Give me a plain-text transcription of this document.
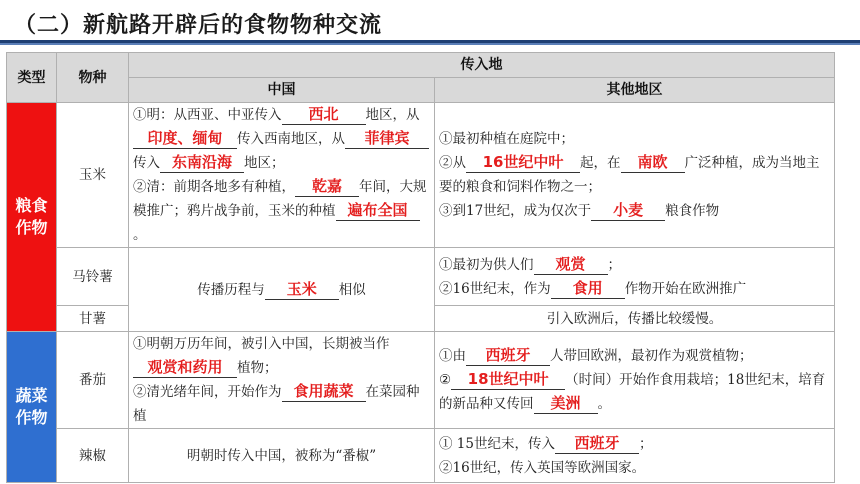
（二）新航路开辟后的食物物种交流
类型	物种	传入地	
		中国	其他地区
粮食作物	玉米	①明：从西亚、中亚传入 西北 地区，从印度、缅甸 传入西南地区，从 菲律宾传入 东南沿海 地区；
②清：前期各地多有种植， 乾嘉 年间，大规模推广；鸦片战争前，玉米的种植 遍布全国。	①最初种植在庭院中；
②从 16世纪中叶 起，在 南欧 广泛种植，成为当地主要的粮食和饲料作物之一；
③到17世纪，成为仅次于 小麦 粮食作物
	马铃薯	传播历程与 玉米 相似	①最初为供人们 观赏 ；
②16世纪末，作为 食用 作物开始在欧洲推广
	甘薯		引入欧洲后，传播比较缓慢。
蔬菜作物	番茄	①明朝万历年间，被引入中国，长期被当作观赏和药用 植物；
②清光绪年间，开始作为 食用蔬菜 在菜园种植	①由 西班牙 人带回欧洲，最初作为观赏植物；
② 18世纪中叶 （时间）开始作食用栽培；18世纪末，培育的新品种又传回 美洲 。
	辣椒	明朝时传入中国，被称为“番椒”	① 15世纪末，传入 西班牙 ；
②16世纪，传入英国等欧洲国家。
